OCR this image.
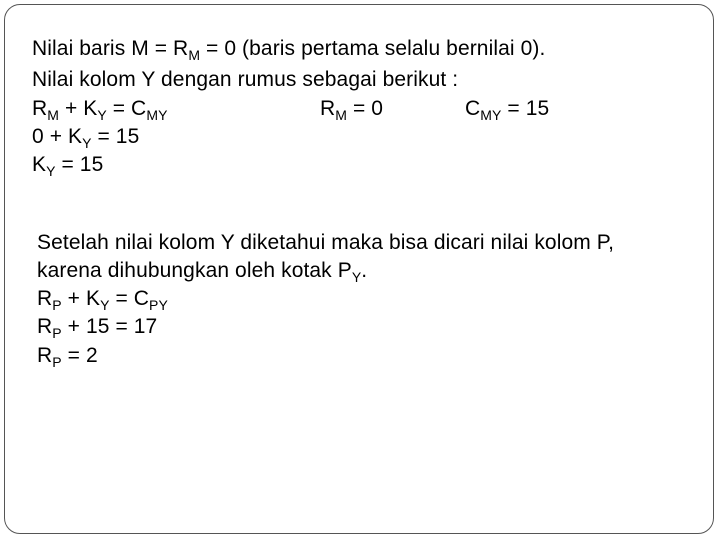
Nilai baris $M = R_M = 0$ (baris pertama selalu bernilai 0).
Nilai kolom Y dengan rumus sebagai berikut :
$R_M + K_Y = C_{MY}$	$R_M = 0$	$C_{MY} = 15$
$0 + K_Y = 15$
$K_Y = 15$
Setelah nilai kolom Y diketahui maka bisa dicari nilai kolom P,
karena dihubungkan oleh kotak $P_Y$.
$R_P + K_Y = C_{PY}$
$R_P + 15 = 17$
$R_P = 2$
